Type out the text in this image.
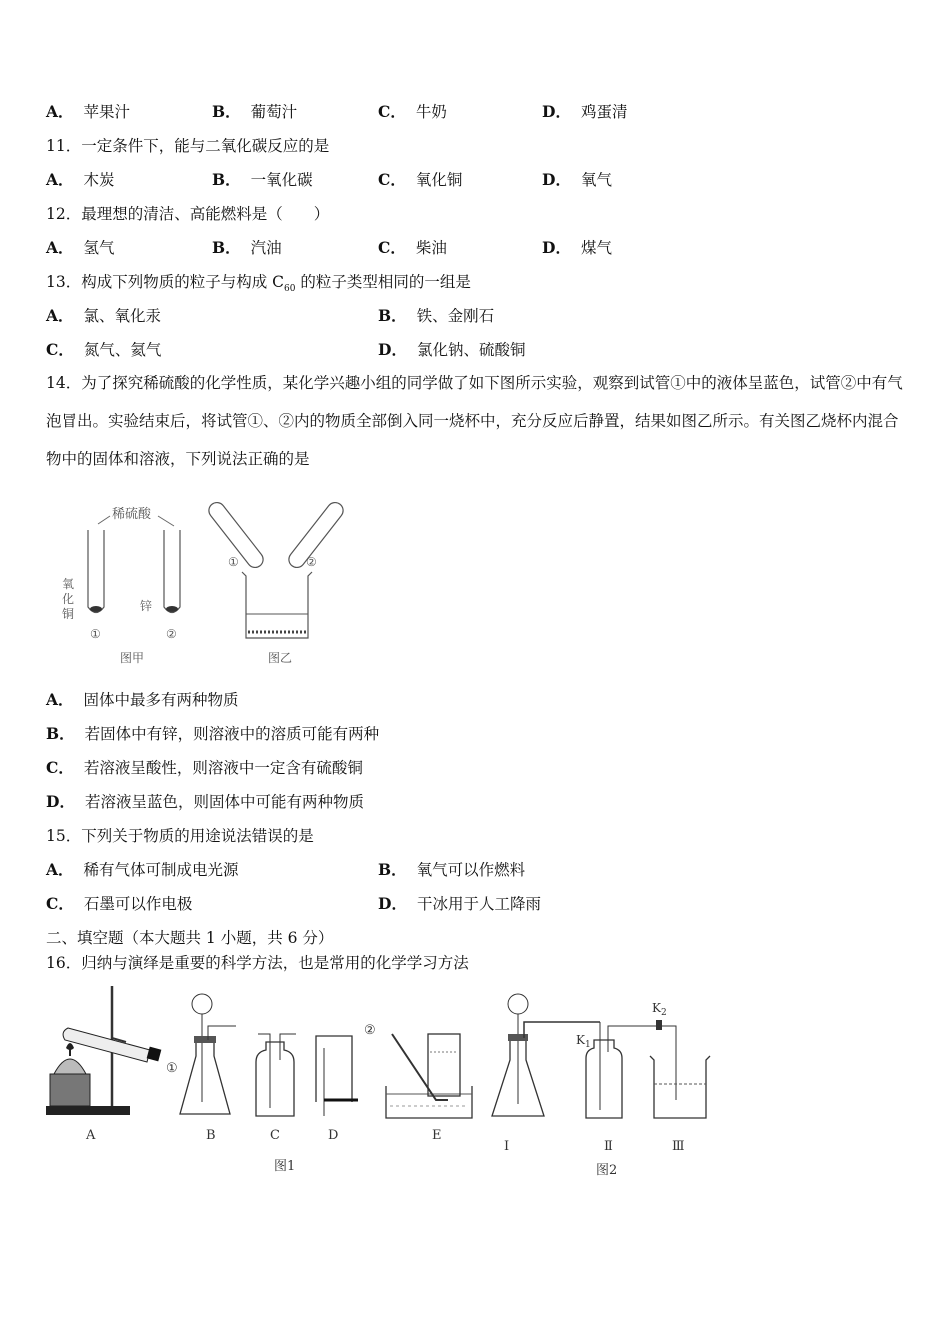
A． 苹果汁	B． 葡萄汁	C． 牛奶	D． 鸡蛋清
11．一定条件下，能与二氧化碳反应的是
A． 木炭	B． 一氧化碳	C． 氧化铜	D． 氧气
12．最理想的清洁、高能燃料是（　　）
A． 氢气	B． 汽油	C． 柴油	D． 煤气
13．构成下列物质的粒子与构成 $C_{60}$ 的粒子类型相同的一组是
A． 氯、氧化汞	B． 铁、金刚石
C． 氮气、氦气	D． 氯化钠、硫酸铜
14．为了探究稀硫酸的化学性质，某化学兴趣小组的同学做了如下图所示实验，观察到试管①中的液体呈蓝色，试管②中有气泡冒出。实验结束后，将试管①、②内的物质全部倒入同一烧杯中，充分反应后静置，结果如图乙所示。有关图乙烧杯内混合物中的固体和溶液，下列说法正确的是
稀硫酸
氧
化
铜
锌
①	②
图甲
①	②
图乙
A． 固体中最多有两种物质
B． 若固体中有锌，则溶液中的溶质可能有两种
C． 若溶液呈酸性，则溶液中一定含有硫酸铜
D． 若溶液呈蓝色，则固体中可能有两种物质
15．下列关于物质的用途说法错误的是
A． 稀有气体可制成电光源	B． 氧气可以作燃料
C． 石墨可以作电极	D． 干冰用于人工降雨
二、填空题（本大题共 1 小题，共 6 分）
16．归纳与演绎是重要的科学方法，也是常用的化学学习方法
A
①
B	C	D
②
E
图1
Ⅰ
$K_1$
Ⅱ
$K_2$
Ⅲ
图2
